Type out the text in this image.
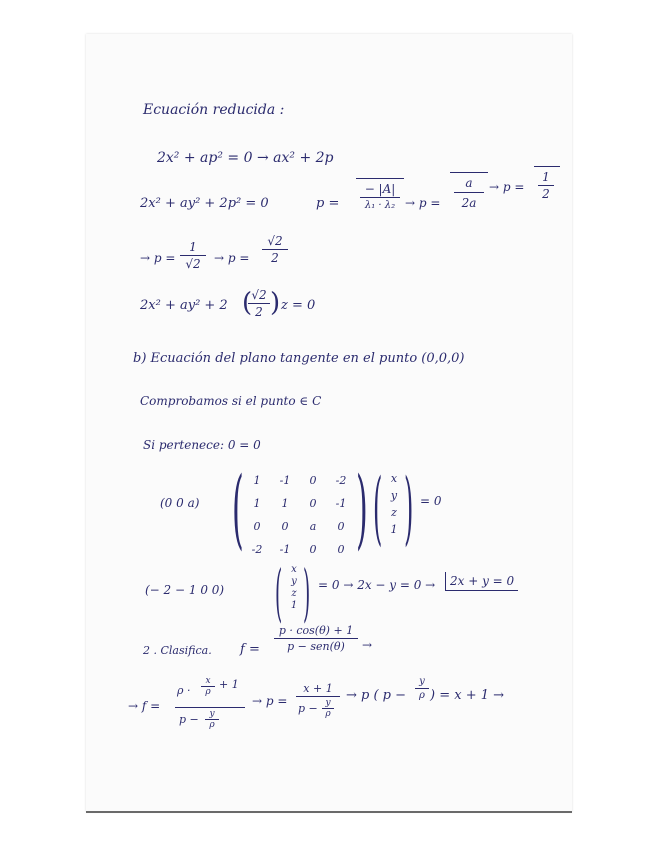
Ecuación reducida :
2x² + ap² = 0 → ax² + 2p
2x² + ay² + 2p² = 0	p =
− |A|
λ₁ · λ₂ → p =
a
2a
→ p =
1
2
→ p =
1
√2	→ p =
√2
2
2x² + ay² + 2 ( √2
2 ) z = 0
b) Ecuación del plano tangente en el punto (0,0,0)
Comprobamos si el punto ∈ C
Si pertenece: 0 = 0
(0 0 a) ( 1	-1	0	-2
1	1	0	-1
0	0	a	0
-2	-1	0	0 ) ( x
y
z
1 ) = 0
(− 2 − 1 0 0) ( x
y
z
1 ) = 0 → 2x − y = 0 →	2x + y = 0
2 . Clasifica. f =
p · cos(θ) + 1
p − sen(θ)	→
→ f =
ρ ·
x
ρ
+ 1
p −	y
ρ
→ p =
x + 1
p − y
ρ
→ p ( p −
y
ρ ) = x + 1 →
